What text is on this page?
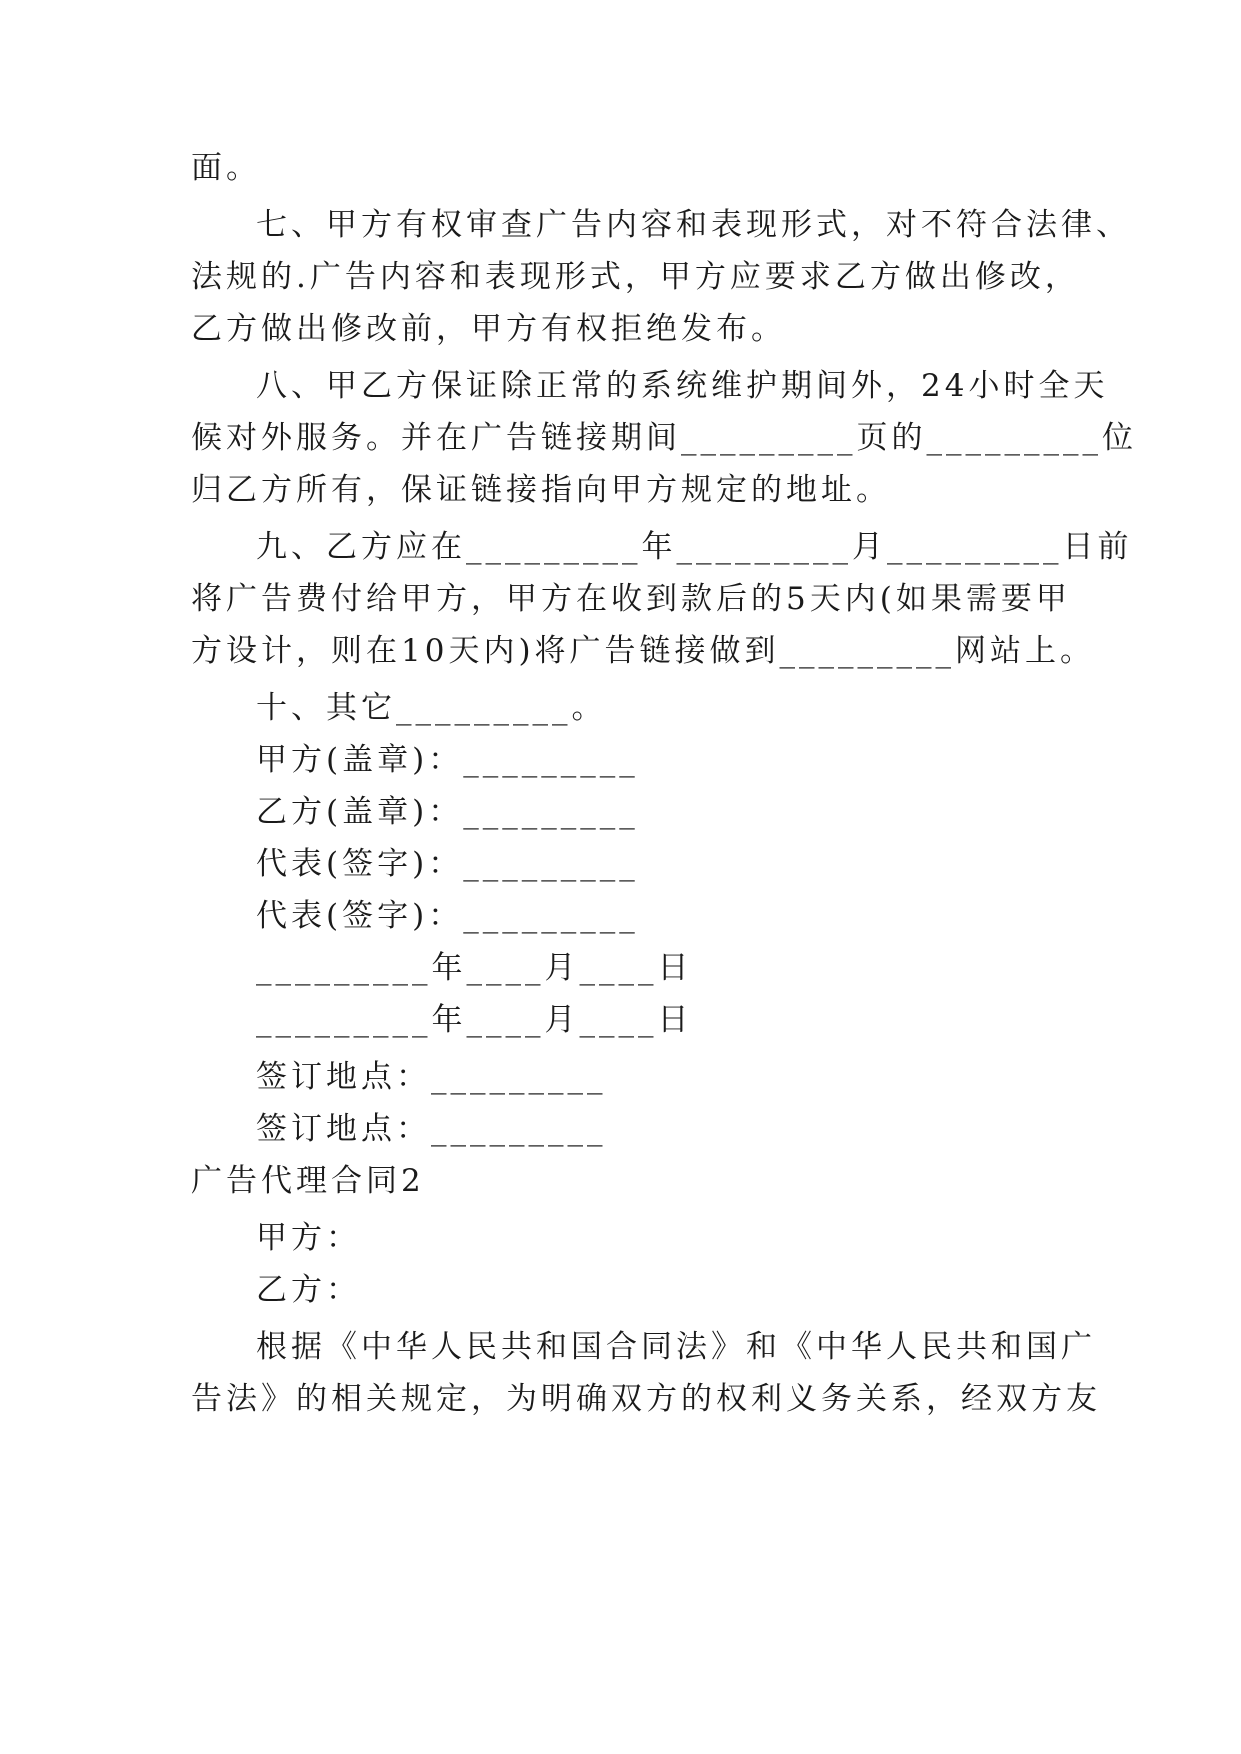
面。
七、甲方有权审查广告内容和表现形式，对不符合法律、
法规的.广告内容和表现形式，甲方应要求乙方做出修改，
乙方做出修改前，甲方有权拒绝发布。
八、甲乙方保证除正常的系统维护期间外，24小时全天
候对外服务。并在广告链接期间_________页的_________位
归乙方所有，保证链接指向甲方规定的地址。
九、乙方应在_________年_________月_________日前
将广告费付给甲方，甲方在收到款后的5天内(如果需要甲
方设计，则在10天内)将广告链接做到_________网站上。
十、其它_________。
甲方(盖章)：_________
乙方(盖章)：_________
代表(签字)：_________
代表(签字)：_________
_________年____月____日
_________年____月____日
签订地点：_________
签订地点：_________
广告代理合同2
甲方：
乙方：
根据《中华人民共和国合同法》和《中华人民共和国广
告法》的相关规定，为明确双方的权利义务关系，经双方友
